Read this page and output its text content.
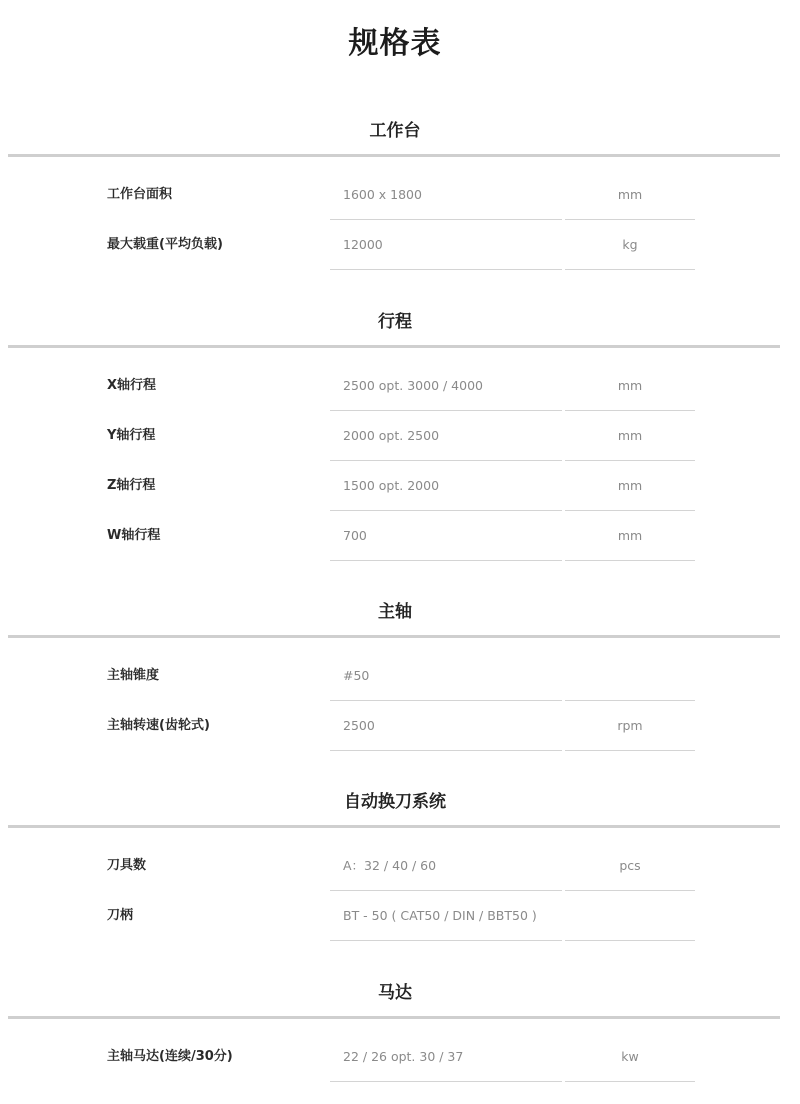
规格表
工作台
工作台面积	1600 x 1800	mm
最大载重(平均负载)	12000	kg
行程
X轴行程	2500 opt. 3000 / 4000	mm
Y轴行程	2000 opt. 2500	mm
Z轴行程	1500 opt. 2000	mm
W轴行程	700	mm
主轴
主轴锥度	#50
主轴转速(齿轮式)	2500	rpm
自动换刀系统
刀具数	A：32 / 40 / 60	pcs
刀柄	BT - 50 ( CAT50 / DIN / BBT50 )
马达
主轴马达(连续/30分)	22 / 26 opt. 30 / 37	kw
